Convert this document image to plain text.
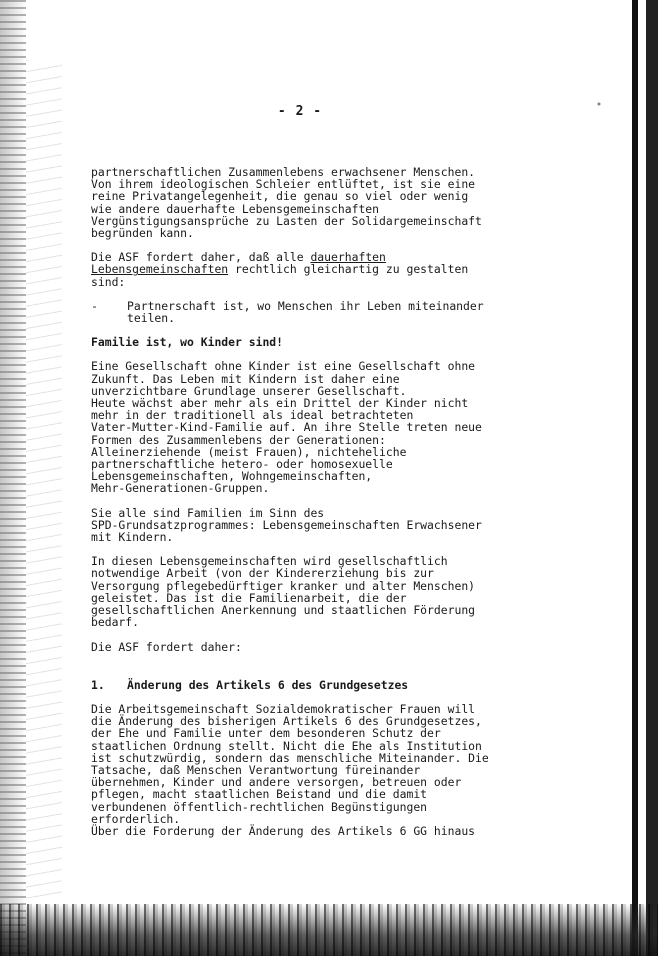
- 2 -

partnerschaftlichen Zusammenlebens erwachsener Menschen.
Von ihrem ideologischen Schleier entlüftet, ist sie eine
reine Privatangelegenheit, die genau so viel oder wenig
wie andere dauerhafte Lebensgemeinschaften
Vergünstigungsansprüche zu Lasten der Solidargemeinschaft
begründen kann.

Die ASF fordert daher, daß alle dauerhaften
Lebensgemeinschaften rechtlich gleichartig zu gestalten
sind:

-	Partnerschaft ist, wo Menschen ihr Leben miteinander
teilen.
Familie ist, wo Kinder sind!

Eine Gesellschaft ohne Kinder ist eine Gesellschaft ohne
Zukunft. Das Leben mit Kindern ist daher eine
unverzichtbare Grundlage unserer Gesellschaft.
Heute wächst aber mehr als ein Drittel der Kinder nicht
mehr in der traditionell als ideal betrachteten
Vater-Mutter-Kind-Familie auf. An ihre Stelle treten neue
Formen des Zusammenlebens der Generationen:
Alleinerziehende (meist Frauen), nichteheliche
partnerschaftliche hetero- oder homosexuelle
Lebensgemeinschaften, Wohngemeinschaften,
Mehr-Generationen-Gruppen.

Sie alle sind Familien im Sinn des
SPD-Grundsatzprogrammes: Lebensgemeinschaften Erwachsener
mit Kindern.

In diesen Lebensgemeinschaften wird gesellschaftlich
notwendige Arbeit (von der Kindererziehung bis zur
Versorgung pflegebedürftiger kranker und alter Menschen)
geleistet. Das ist die Familienarbeit, die der
gesellschaftlichen Anerkennung und staatlichen Förderung
bedarf.

Die ASF fordert daher:

1.	Änderung des Artikels 6 des Grundgesetzes

Die Arbeitsgemeinschaft Sozialdemokratischer Frauen will
die Änderung des bisherigen Artikels 6 des Grundgesetzes,
der Ehe und Familie unter dem besonderen Schutz der
staatlichen Ordnung stellt. Nicht die Ehe als Institution
ist schutzwürdig, sondern das menschliche Miteinander. Die
Tatsache, daß Menschen Verantwortung füreinander
übernehmen, Kinder und andere versorgen, betreuen oder
pflegen, macht staatlichen Beistand und die damit
verbundenen öffentlich-rechtlichen Begünstigungen
erforderlich.
Über die Forderung der Änderung des Artikels 6 GG hinaus
